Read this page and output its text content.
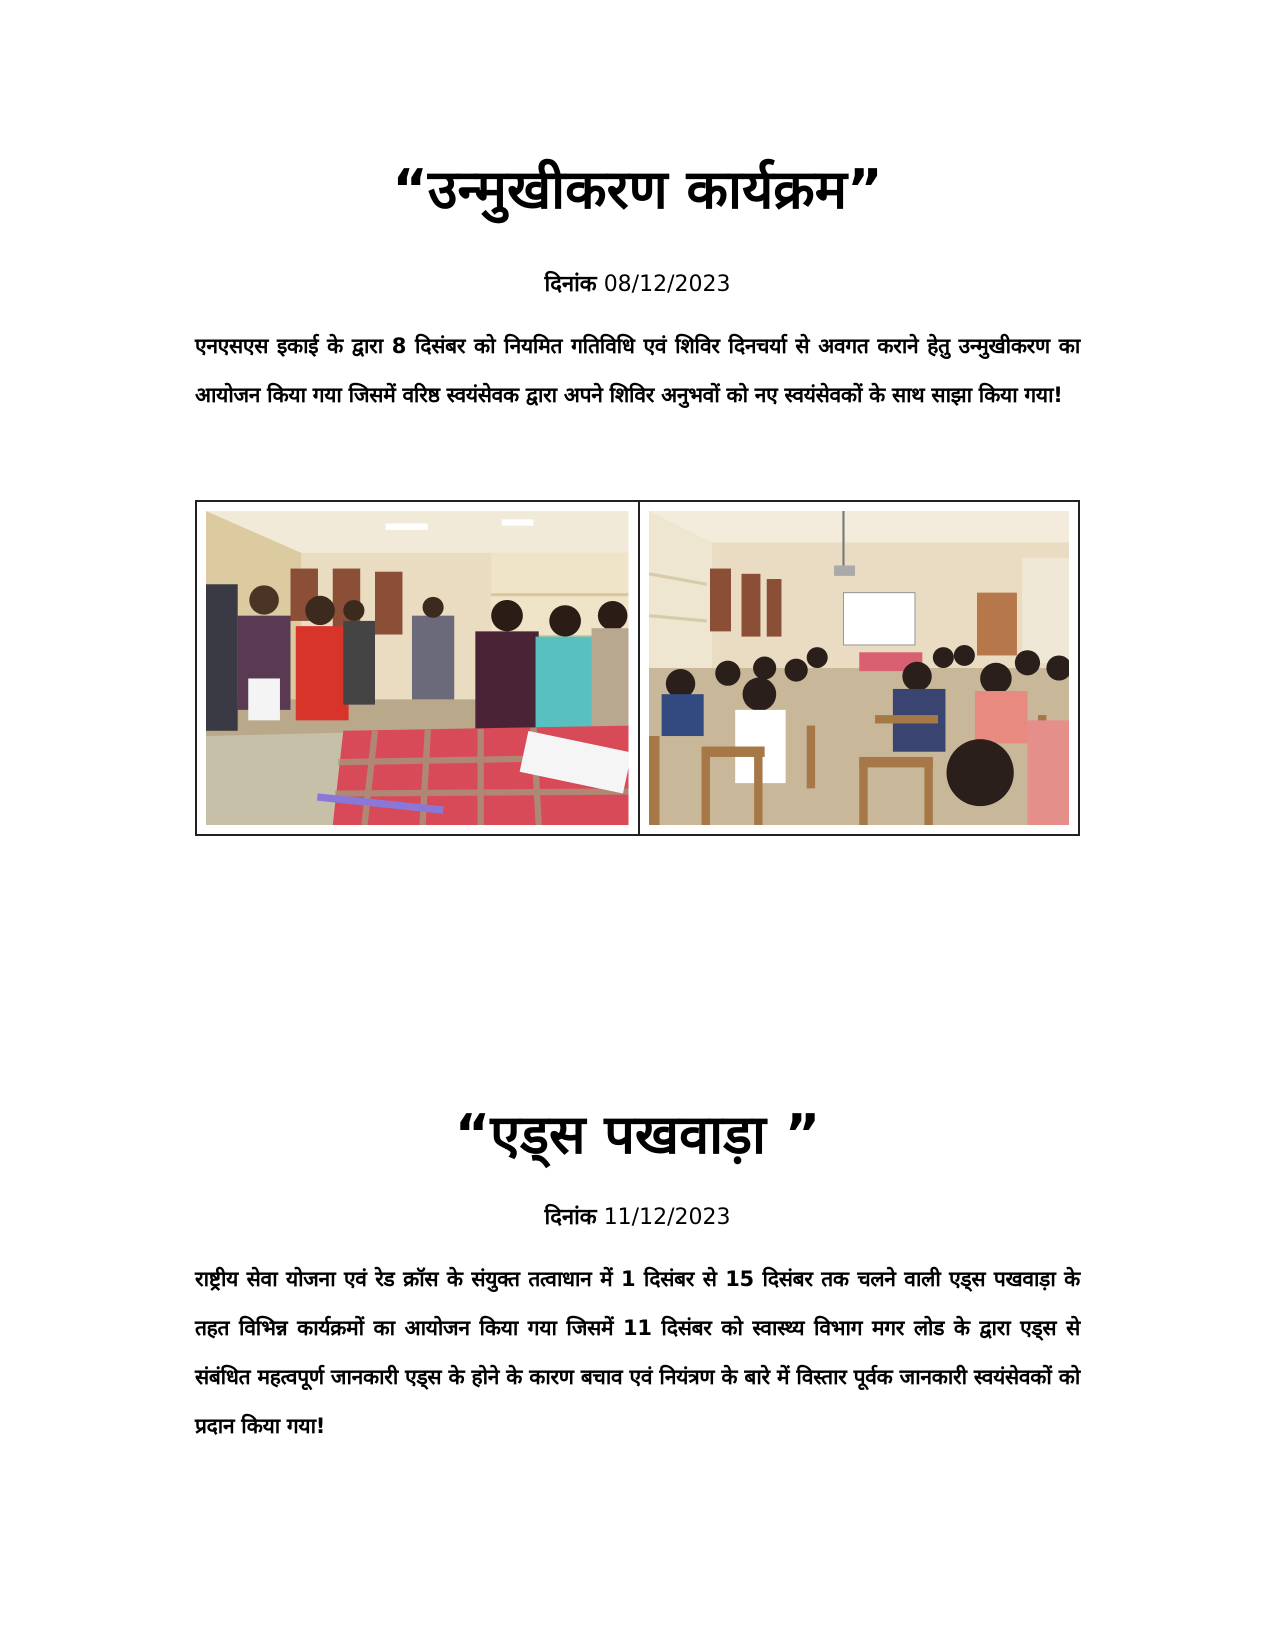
“उन्मुखीकरण कार्यक्रम”
दिनांक 08/12/2023
एनएसएस इकाई के द्वारा 8 दिसंबर को नियमित गतिविधि एवं शिविर दिनचर्या से अवगत कराने हेतु उन्मुखीकरण का आयोजन किया गया जिसमें वरिष्ठ स्वयंसेवक द्वारा अपने शिविर अनुभवों को नए स्वयंसेवकों के साथ साझा किया गया!
“एड्स पखवाड़ा ”
दिनांक 11/12/2023
राष्ट्रीय सेवा योजना एवं रेड क्रॉस के संयुक्त तत्वाधान में 1 दिसंबर से 15 दिसंबर तक चलने वाली एड्स पखवाड़ा के तहत विभिन्न कार्यक्रमों का आयोजन किया गया जिसमें 11 दिसंबर को स्वास्थ्य विभाग मगर लोड के द्वारा एड्स से संबंधित महत्वपूर्ण जानकारी एड्स के होने के कारण बचाव एवं नियंत्रण के बारे में विस्तार पूर्वक जानकारी स्वयंसेवकों को प्रदान किया गया!
